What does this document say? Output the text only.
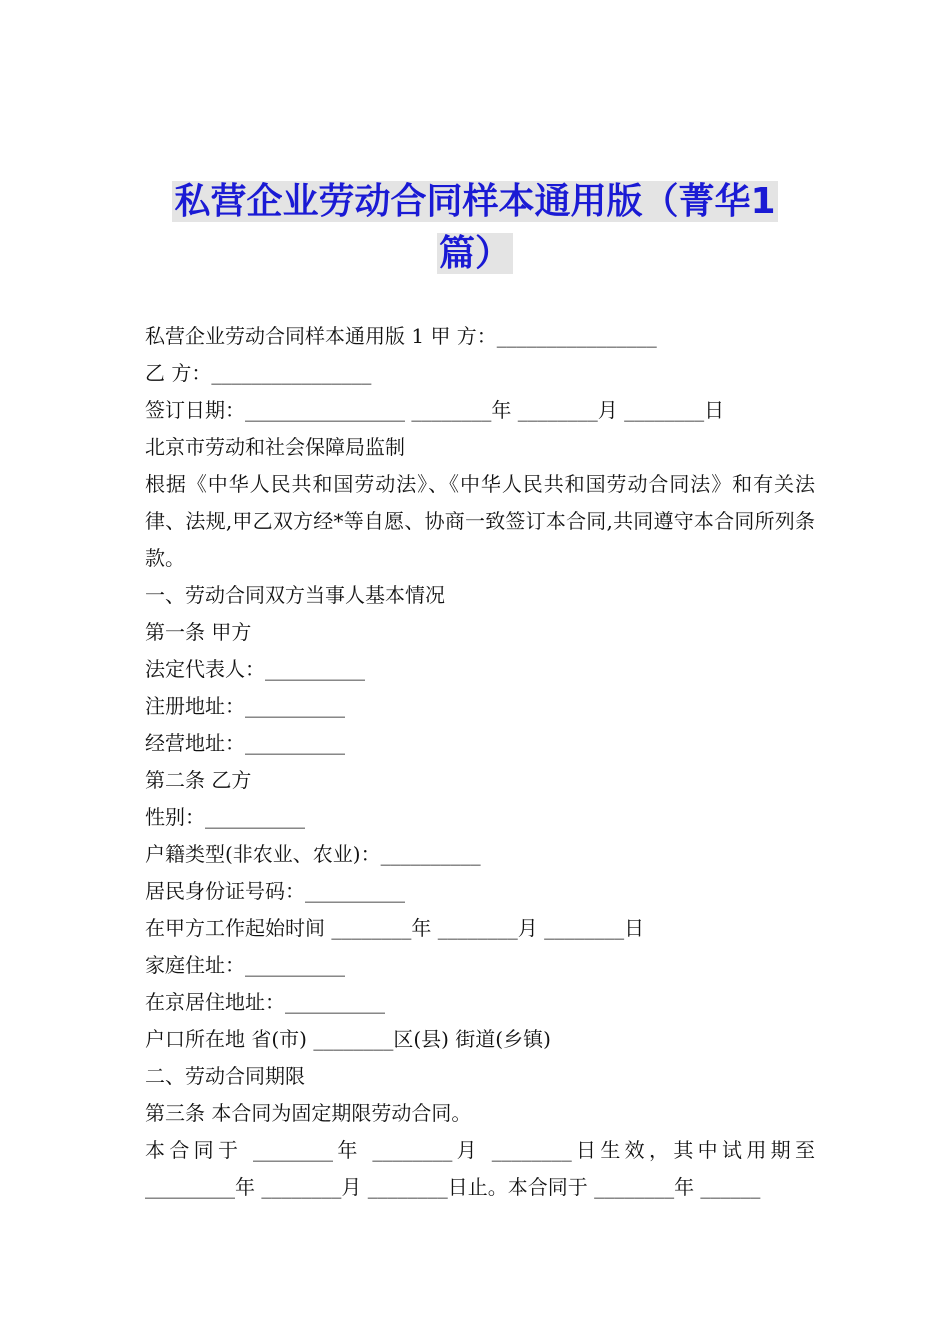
私营企业劳动合同样本通用版（菁华1
篇）
私营企业劳动合同样本通用版 1 甲 方：________________
乙 方：________________
签订日期：________________ ________年 ________月 ________日
北京市劳动和社会保障局监制
根据《中华人民共和国劳动法》、《中华人民共和国劳动合同法》和有关法律、法规,甲乙双方经*等自愿、协商一致签订本合同,共同遵守本合同所列条款。
一、劳动合同双方当事人基本情况
第一条 甲方
法定代表人：__________
注册地址：__________
经营地址：__________
第二条 乙方
性别：__________
户籍类型(非农业、农业)：__________
居民身份证号码：__________
在甲方工作起始时间 ________年 ________月 ________日
家庭住址：__________
在京居住地址：__________
户口所在地 省(市) ________区(县) 街道(乡镇)
二、劳动合同期限
第三条 本合同为固定期限劳动合同。
本合同于 ________年 ________月 ________日生效，其中试用期至 _________年 ________月 ________日止。本合同于 ________年 ______
